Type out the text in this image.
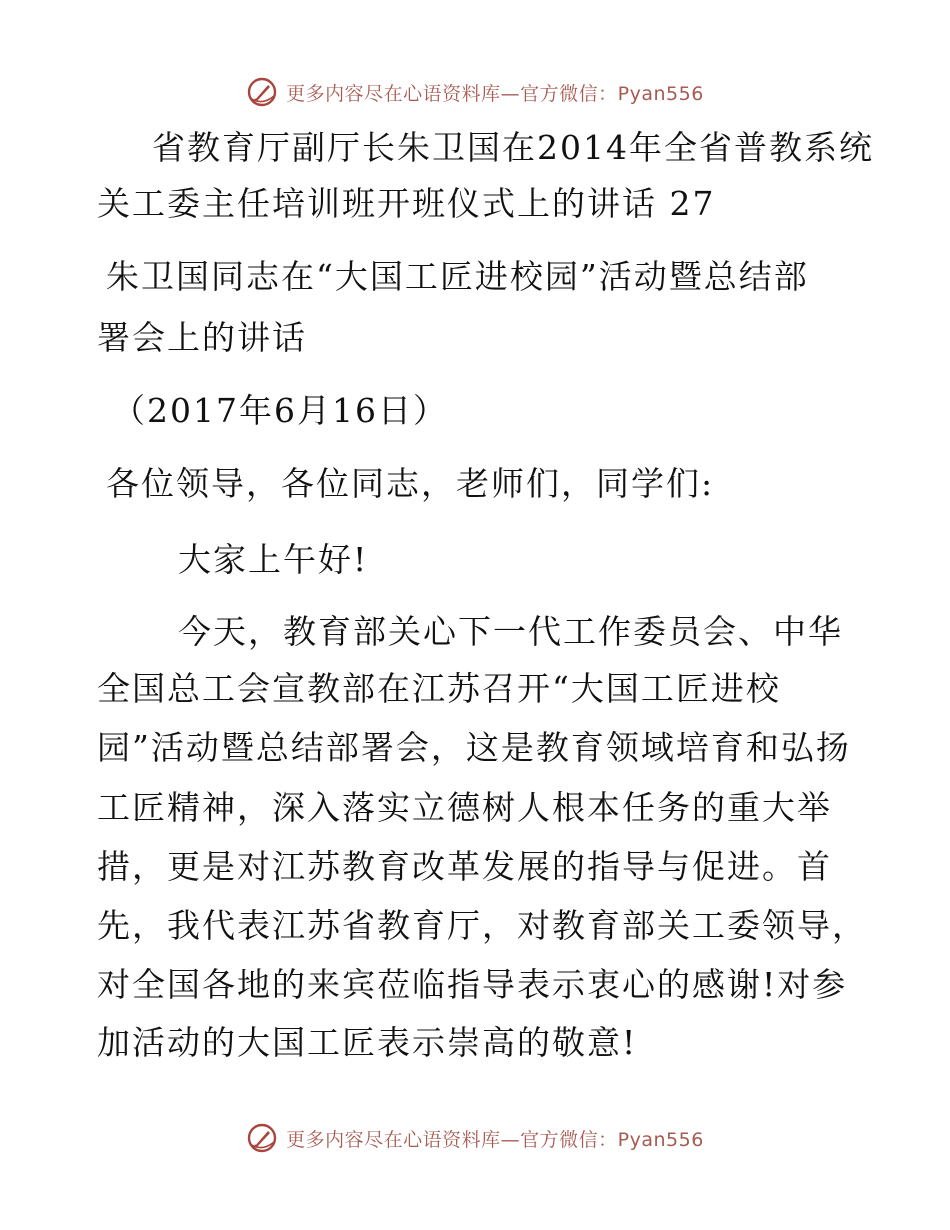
更多内容尽在心语资料库—官方微信：Pyan556
省教育厅副厅长朱卫国在2014年全省普教系统
关工委主任培训班开班仪式上的讲话 27
朱卫国同志在“大国工匠进校园”活动暨总结部
署会上的讲话
（2017年6月16日）
各位领导，各位同志，老师们，同学们:
大家上午好!
今天，教育部关心下一代工作委员会、中华
全国总工会宣教部在江苏召开“大国工匠进校
园”活动暨总结部署会，这是教育领域培育和弘扬
工匠精神，深入落实立德树人根本任务的重大举
措，更是对江苏教育改革发展的指导与促进。首
先，我代表江苏省教育厅，对教育部关工委领导，
对全国各地的来宾莅临指导表示衷心的感谢!对参
加活动的大国工匠表示崇高的敬意!
更多内容尽在心语资料库—官方微信：Pyan556
